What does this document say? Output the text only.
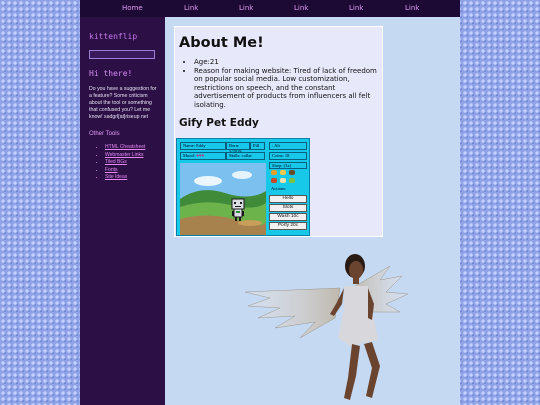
Home	Link	Link	Link	Link	Link
kittenflip
Hi there!
Do you have a suggestion for a feature? Some criticism about the tool or something that confused you? Let me know! sadgrl[at]riseup net
Other Tools
• HTML Cheatsheet
• Webmaster Links
• Tiled BGs
• Fonts
• Site Ideas
About Me!
• Age:21
• Reason for making website: Tired of lack of freedom on popular social media. Low customization, restrictions on speech, and the constant advertisement of products from influencers all felt isolating.
Gify Pet Eddy
Name: Eddy	Born: 3/2018
Pill	: Alt
Mood: ♥♥♥	Skills: collar	Coins: 18
Shop: (3x)
Actions:
Hello
Slots
Wash 10c
Porfy 20c
